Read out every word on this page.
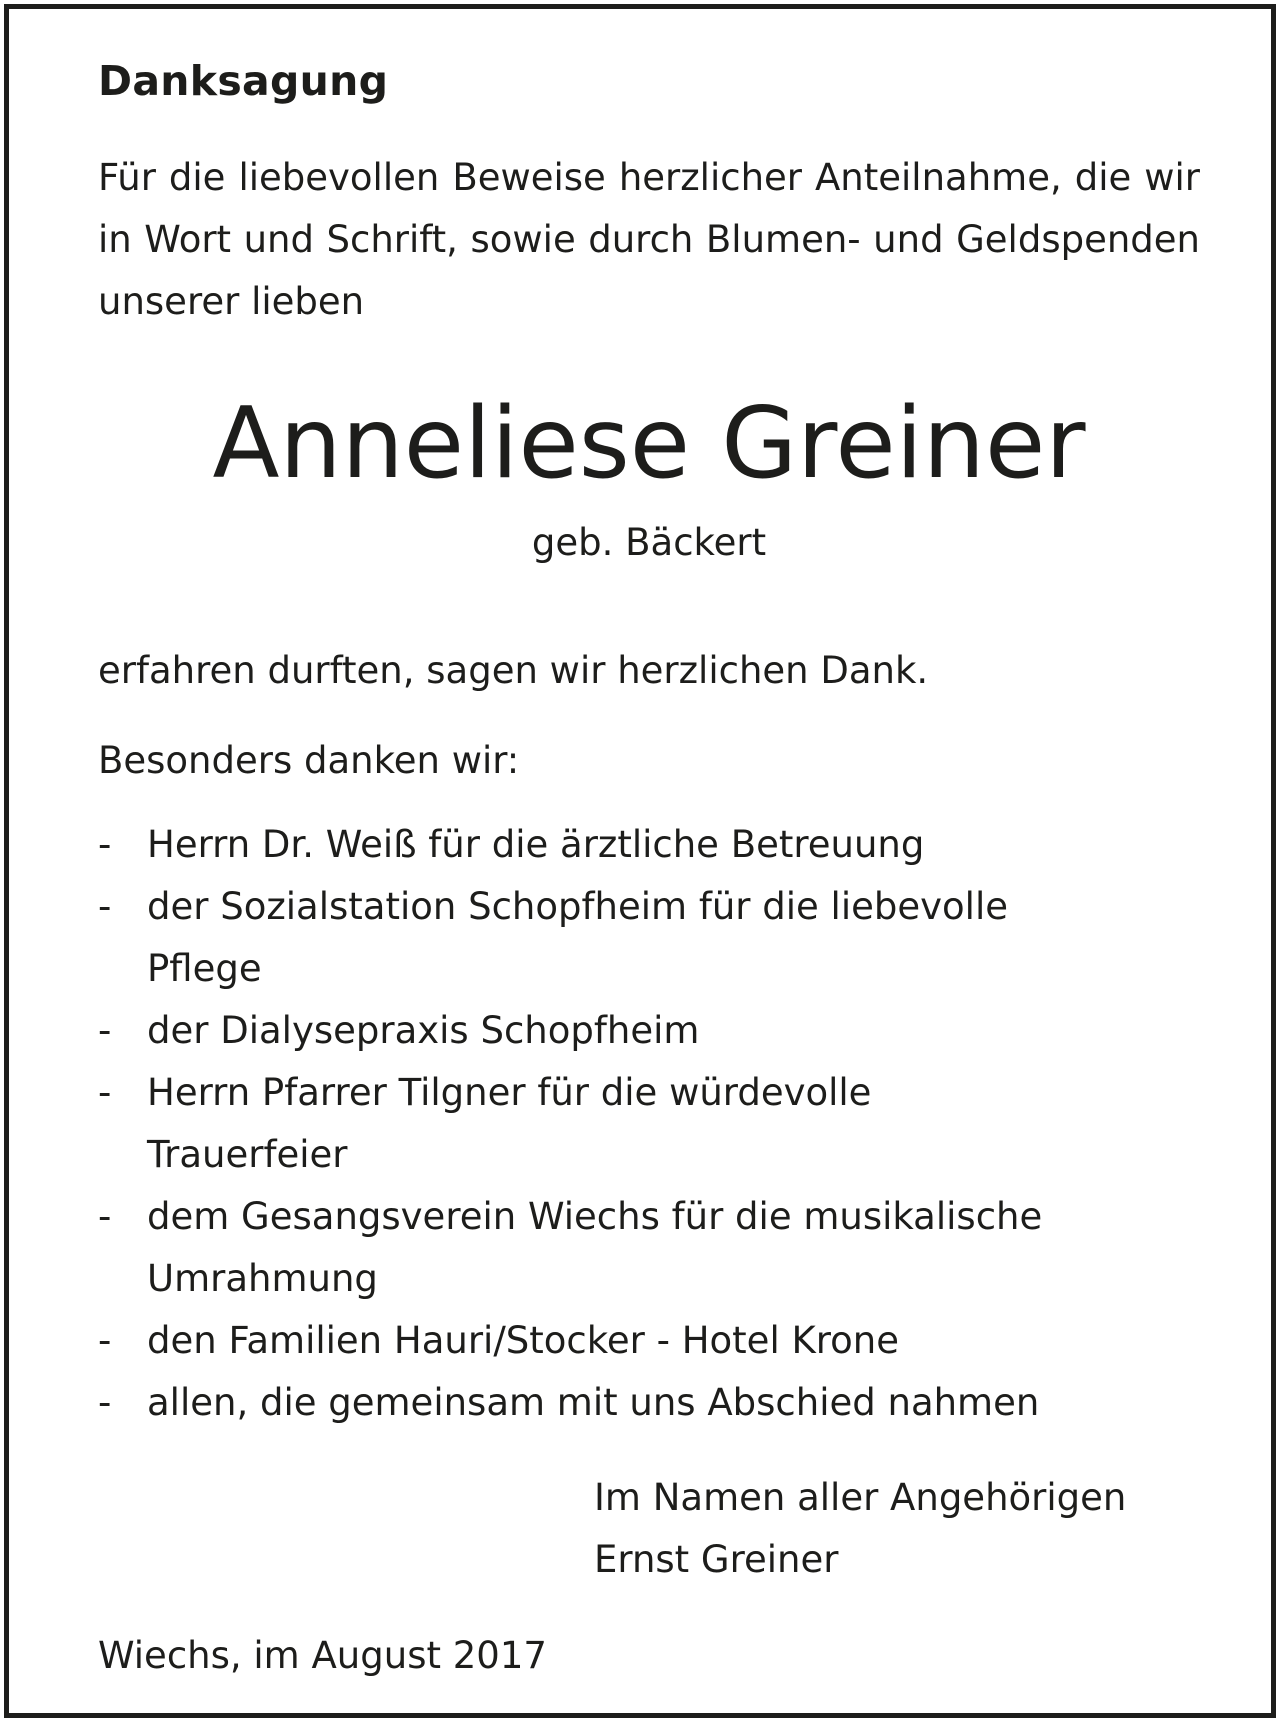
Danksagung
Für die liebevollen Beweise herzlicher Anteilnahme, die wir in Wort und Schrift, sowie durch Blumen- und Geldspenden unserer lieben
Anneliese Greiner
geb. Bäckert
erfahren durften, sagen wir herzlichen Dank.
Besonders danken wir:
- Herrn Dr. Weiß für die ärztliche Betreuung
- der Sozialstation Schopfheim für die liebevolle Pflege
- der Dialysepraxis Schopfheim
- Herrn Pfarrer Tilgner für die würdevolle Trauerfeier
- dem Gesangsverein Wiechs für die musikalische Umrahmung
- den Familien Hauri/Stocker - Hotel Krone
- allen, die gemeinsam mit uns Abschied nahmen
Im Namen aller Angehörigen
Ernst Greiner
Wiechs, im August 2017
